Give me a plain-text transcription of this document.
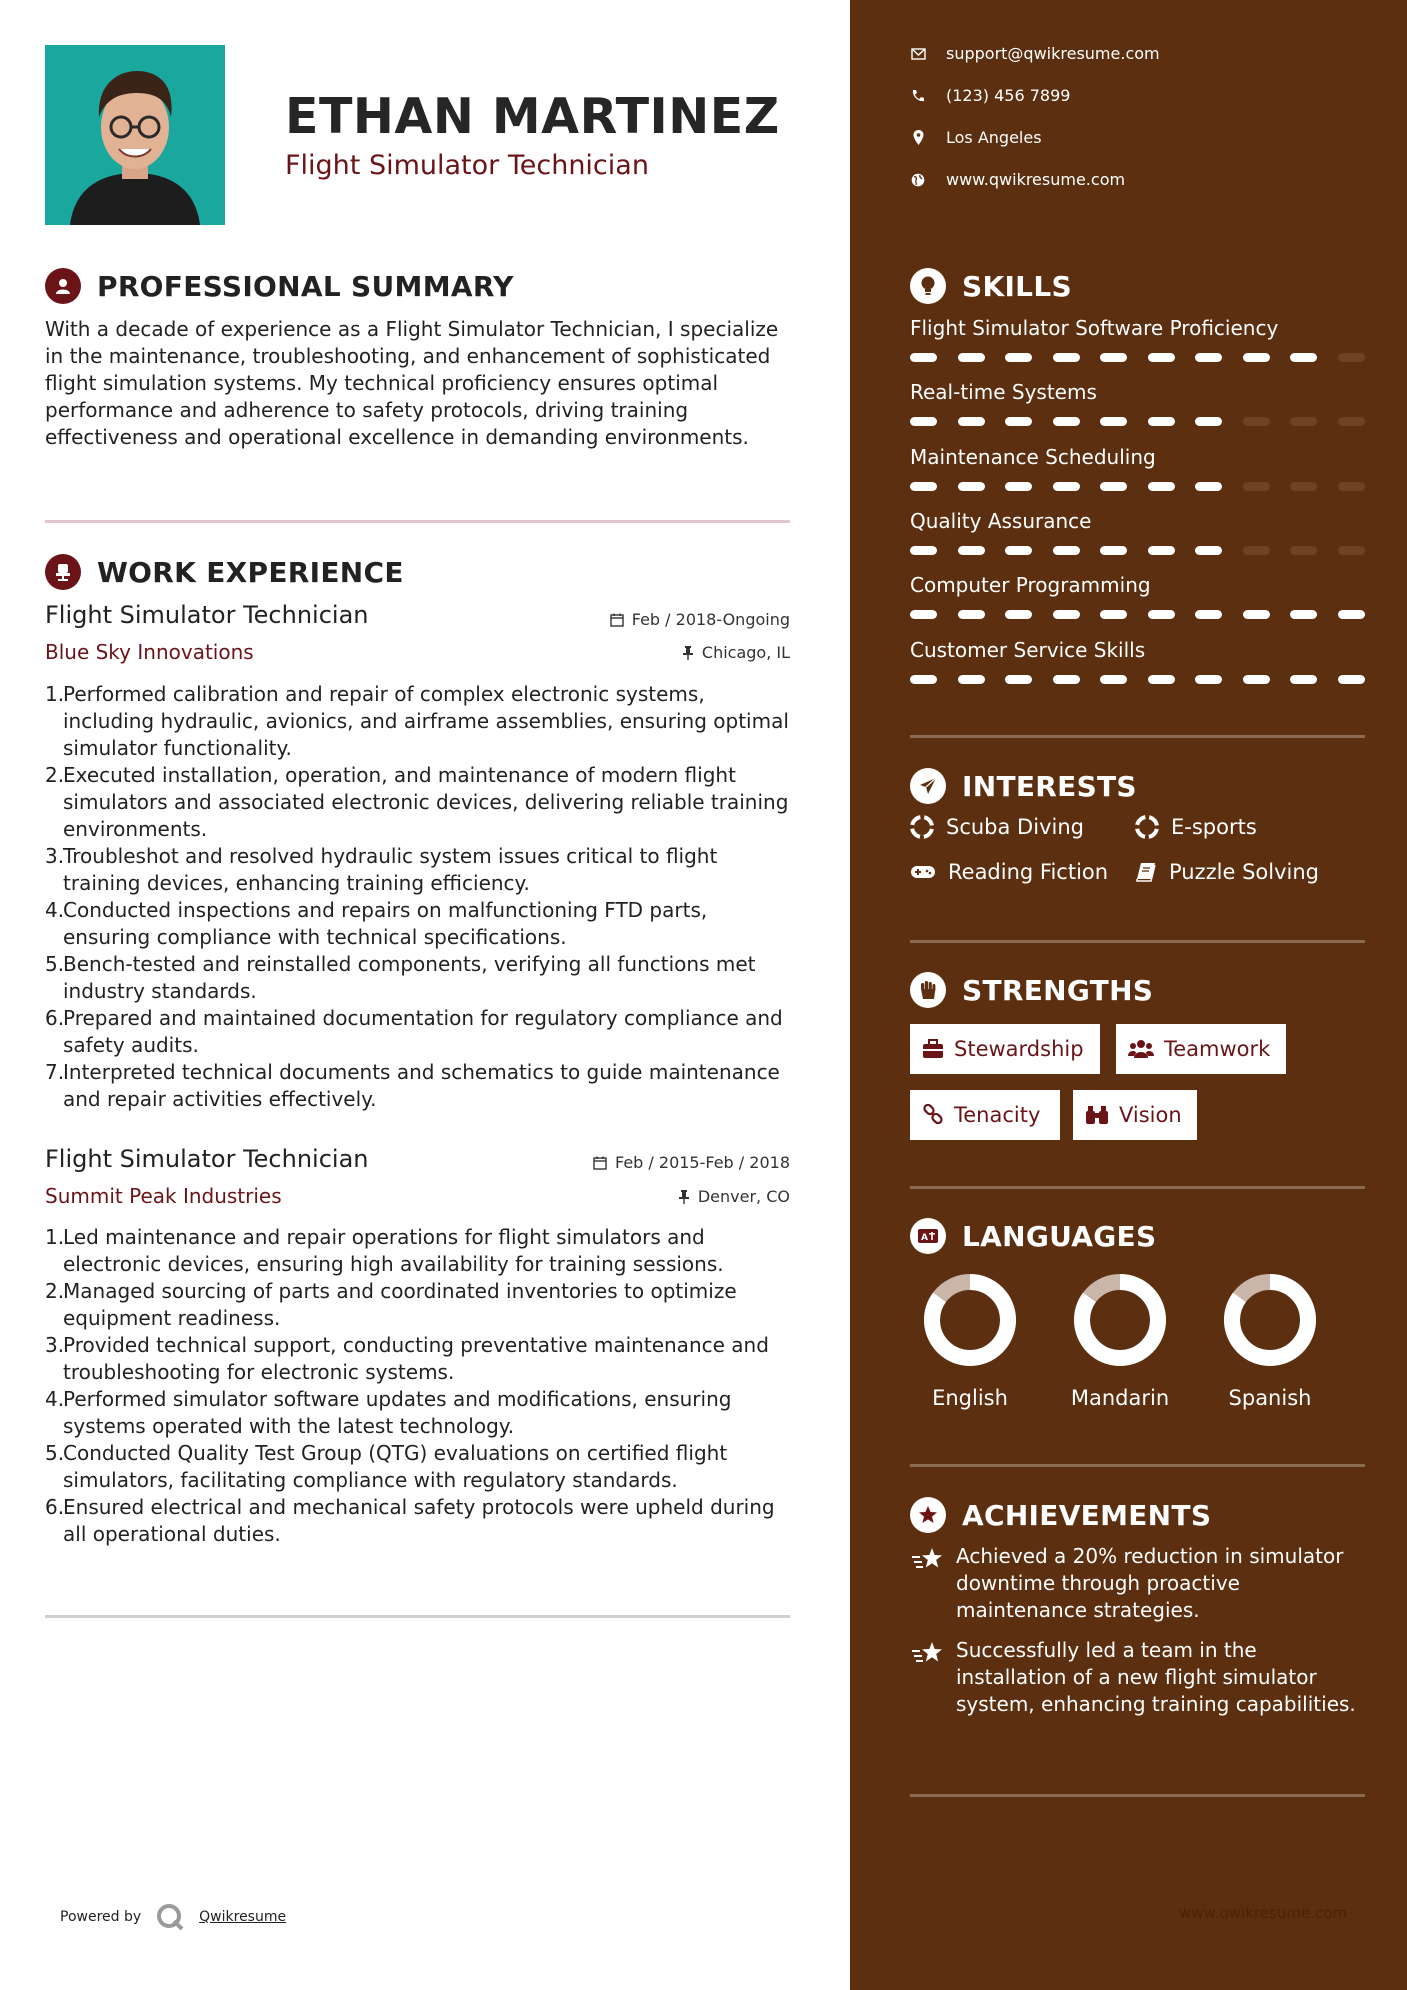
ETHAN MARTINEZ
Flight Simulator Technician
PROFESSIONAL SUMMARY
With a decade of experience as a Flight Simulator Technician, I specialize in the maintenance, troubleshooting, and enhancement of sophisticated flight simulation systems. My technical proficiency ensures optimal performance and adherence to safety protocols, driving training effectiveness and operational excellence in demanding environments.
WORK EXPERIENCE
Flight Simulator Technician	Feb / 2018-Ongoing
Blue Sky Innovations	Chicago, IL
1.
Performed calibration and repair of complex electronic systems, including hydraulic, avionics, and airframe assemblies, ensuring optimal simulator functionality.
2.
Executed installation, operation, and maintenance of modern flight simulators and associated electronic devices, delivering reliable training environments.
3.
Troubleshot and resolved hydraulic system issues critical to flight training devices, enhancing training efficiency.
4.
Conducted inspections and repairs on malfunctioning FTD parts, ensuring compliance with technical specifications.
5.
Bench-tested and reinstalled components, verifying all functions met industry standards.
6.
Prepared and maintained documentation for regulatory compliance and safety audits.
7.
Interpreted technical documents and schematics to guide maintenance and repair activities effectively.
Flight Simulator Technician	Feb / 2015-Feb / 2018
Summit Peak Industries	Denver, CO
1.
Led maintenance and repair operations for flight simulators and electronic devices, ensuring high availability for training sessions.
2.
Managed sourcing of parts and coordinated inventories to optimize equipment readiness.
3.
Provided technical support, conducting preventative maintenance and troubleshooting for electronic systems.
4.
Performed simulator software updates and modifications, ensuring systems operated with the latest technology.
5.
Conducted Quality Test Group (QTG) evaluations on certified flight simulators, facilitating compliance with regulatory standards.
6.
Ensured electrical and mechanical safety protocols were upheld during all operational duties.
Powered by	Qwikresume
support@qwikresume.com
(123) 456 7899
Los Angeles
www.qwikresume.com
SKILLS
Flight Simulator Software Proficiency
Real-time Systems
Maintenance Scheduling
Quality Assurance
Computer Programming
Customer Service Skills
INTERESTS
Scuba Diving	E-sports
Reading Fiction	Puzzle Solving
STRENGTHS
Stewardship	Teamwork
Tenacity	Vision
A LANGUAGES
English	Mandarin	Spanish
ACHIEVEMENTS
Achieved a 20% reduction in simulator downtime through proactive maintenance strategies.
Successfully led a team in the installation of a new flight simulator system, enhancing training capabilities.
www.qwikresume.com
